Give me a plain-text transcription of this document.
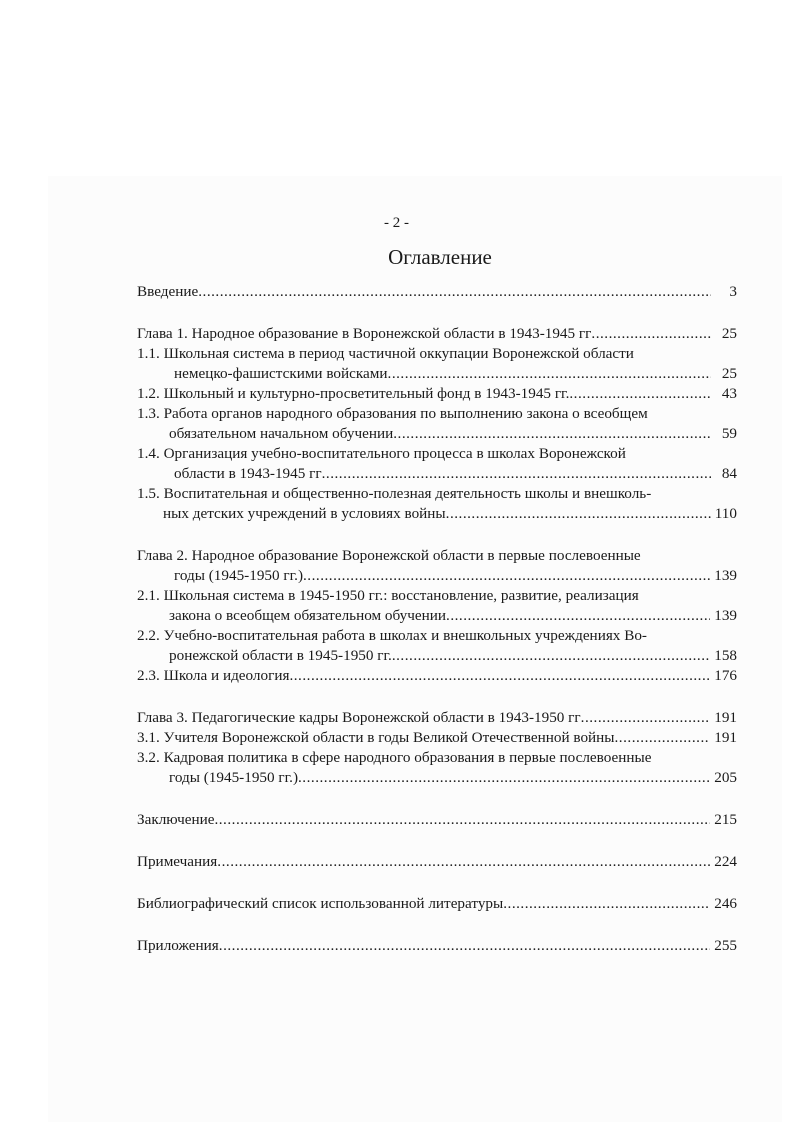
- 2 -
Оглавление
Введение .....	3
Глава 1. Народное образование в Воронежской области в 1943-1945 гг .....	25
1.1. Школьная система в период частичной оккупации Воронежской области
немецко-фашистскими войсками .....	25
1.2. Школьный и культурно-просветительный фонд в 1943-1945 гг. .....	43
1.3. Работа органов народного образования по выполнению закона о всеобщем
обязательном начальном обучении .....	59
1.4. Организация учебно-воспитательного процесса в школах Воронежской
области в 1943-1945 гг .....	84
1.5. Воспитательная и общественно-полезная деятельность школы и внешколь-
ных детских учреждений в условиях войны .....	110
Глава 2. Народное образование Воронежской области в первые послевоенные
годы (1945-1950 гг.) .....	139
2.1. Школьная система в 1945-1950 гг.: восстановление, развитие, реализация
закона о всеобщем обязательном обучении .....	139
2.2. Учебно-воспитательная работа в школах и внешкольных учреждениях Во-
ронежской области в 1945-1950 гг. .....	158
2.3. Школа и идеология .....	176
Глава 3. Педагогические кадры Воронежской области в 1943-1950 гг .....	191
3.1. Учителя Воронежской области в годы Великой Отечественной войны .....	191
3.2. Кадровая политика в сфере народного образования в первые послевоенные
годы (1945-1950 гг.) .....	205
Заключение .....	215
Примечания .....	224
Библиографический список использованной литературы .....	246
Приложения .....	255
